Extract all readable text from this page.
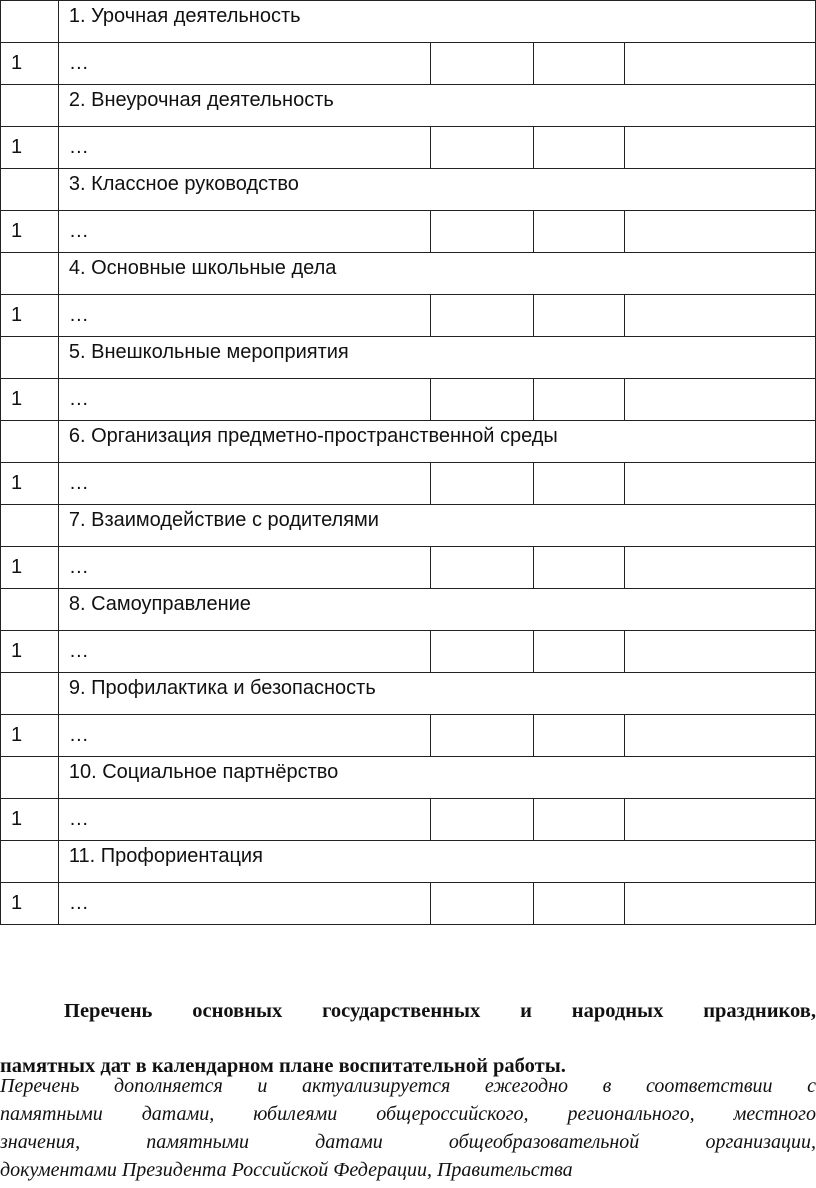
	1. Урочная деятельность			
1	…			
	2. Внеурочная деятельность			
1	…			
	3. Классное руководство			
1	…			
	4. Основные школьные дела			
1	…			
	5. Внешкольные мероприятия			
1	…			
	6. Организация предметно-пространственной среды			
1	…			
	7. Взаимодействие с родителями			
1	…			
	8. Самоуправление			
1	…			
	9. Профилактика и безопасность			
1	…			
	10. Социальное партнёрство			
1	…			
	11. Профориентация			
1	…			
Перечень основных государственных и народных праздников,
памятных дат в календарном плане воспитательной работы.
Перечень дополняется и актуализируется ежегодно в соответствии с
памятными датами, юбилеями общероссийского, регионального, местного
значения, памятными датами общеобразовательной организации,
документами Президента Российской Федерации, Правительства
